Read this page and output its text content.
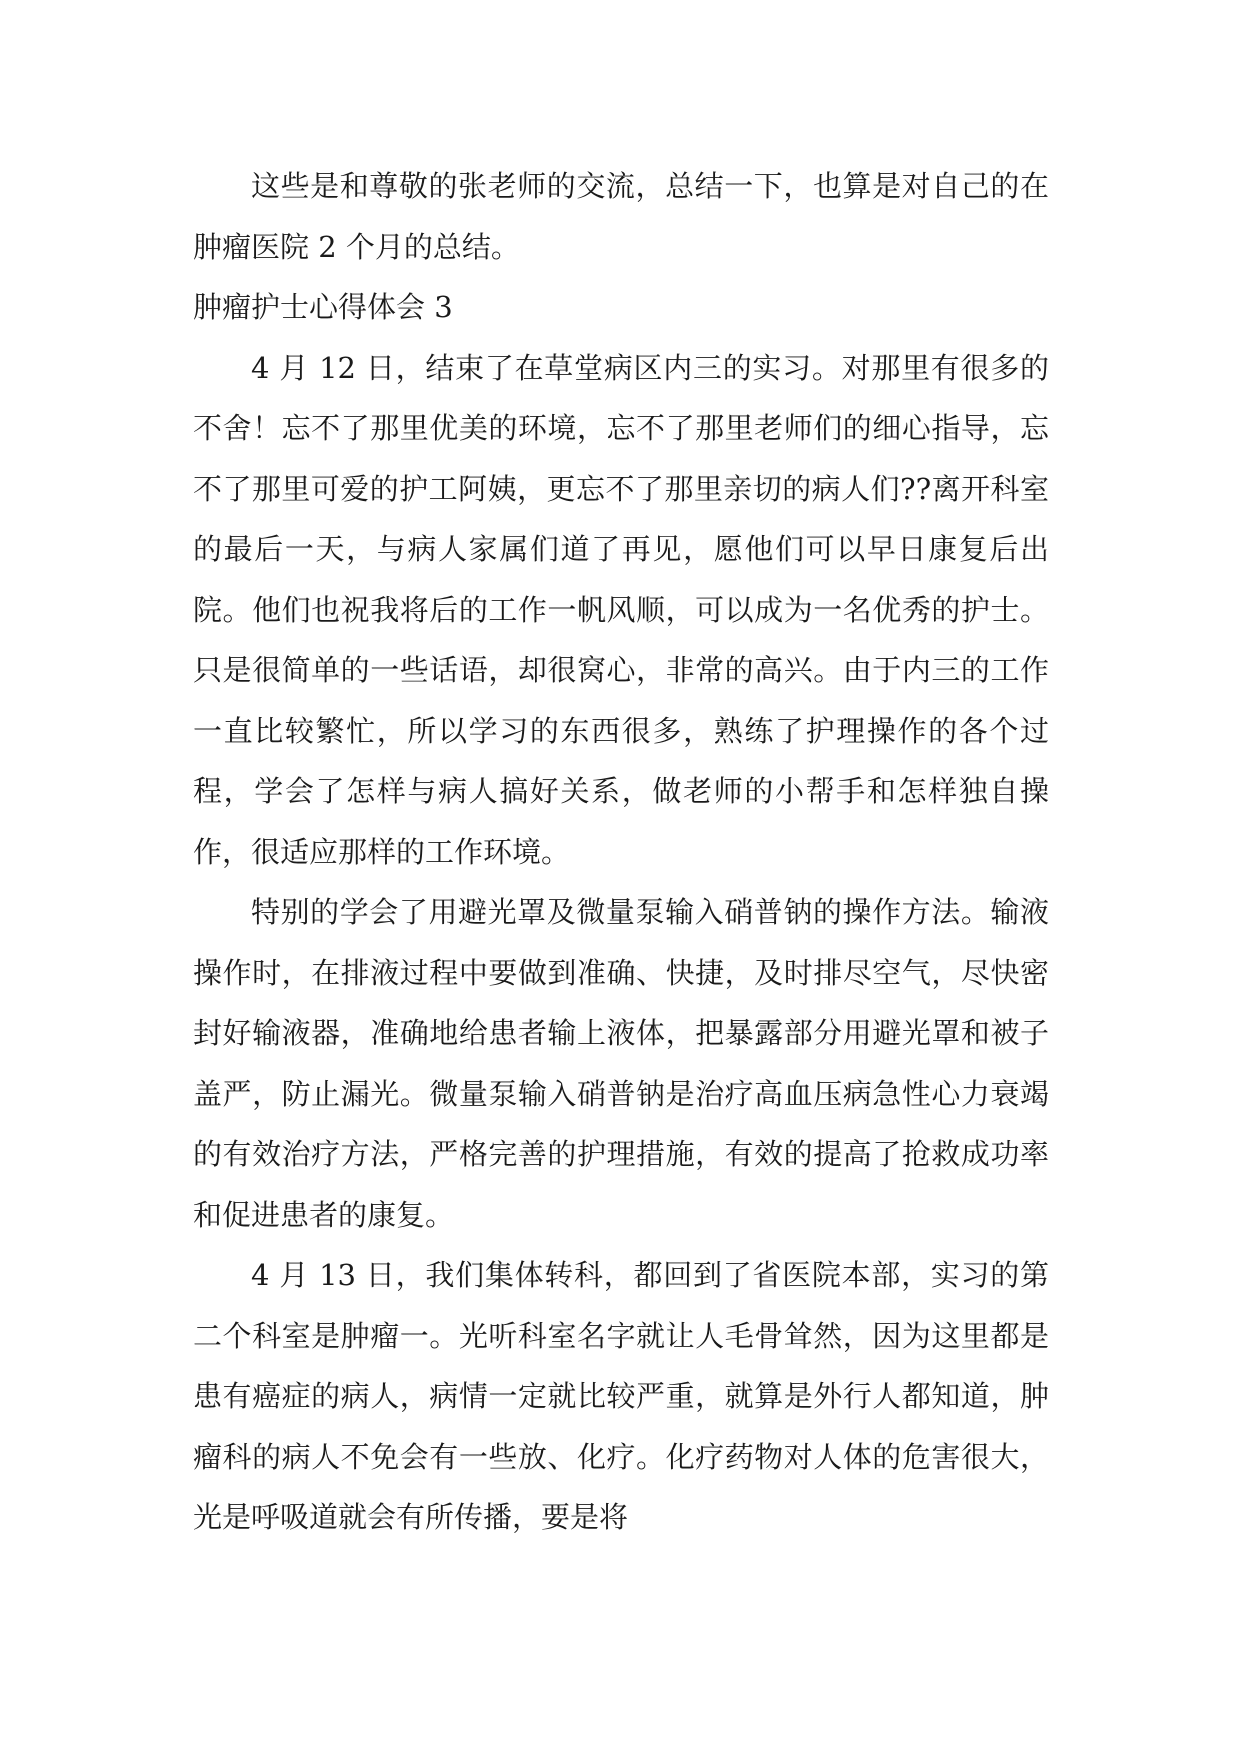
这些是和尊敬的张老师的交流，总结一下，也算是对自己的在肿瘤医院 2 个月的总结。

肿瘤护士心得体会 3

4 月 12 日，结束了在草堂病区内三的实习。对那里有很多的不舍！忘不了那里优美的环境，忘不了那里老师们的细心指导，忘不了那里可爱的护工阿姨，更忘不了那里亲切的病人们??离开科室的最后一天，与病人家属们道了再见，愿他们可以早日康复后出院。他们也祝我将后的工作一帆风顺，可以成为一名优秀的护士。只是很简单的一些话语，却很窝心，非常的高兴。由于内三的工作一直比较繁忙，所以学习的东西很多，熟练了护理操作的各个过程，学会了怎样与病人搞好关系，做老师的小帮手和怎样独自操作，很适应那样的工作环境。

特别的学会了用避光罩及微量泵输入硝普钠的操作方法。输液操作时，在排液过程中要做到准确、快捷，及时排尽空气，尽快密封好输液器，准确地给患者输上液体，把暴露部分用避光罩和被子盖严，防止漏光。微量泵输入硝普钠是治疗高血压病急性心力衰竭的有效治疗方法，严格完善的护理措施，有效的提高了抢救成功率和促进患者的康复。

4 月 13 日，我们集体转科，都回到了省医院本部，实习的第二个科室是肿瘤一。光听科室名字就让人毛骨耸然，因为这里都是患有癌症的病人，病情一定就比较严重，就算是外行人都知道，肿瘤科的病人不免会有一些放、化疗。化疗药物对人体的危害很大，光是呼吸道就会有所传播，要是将
